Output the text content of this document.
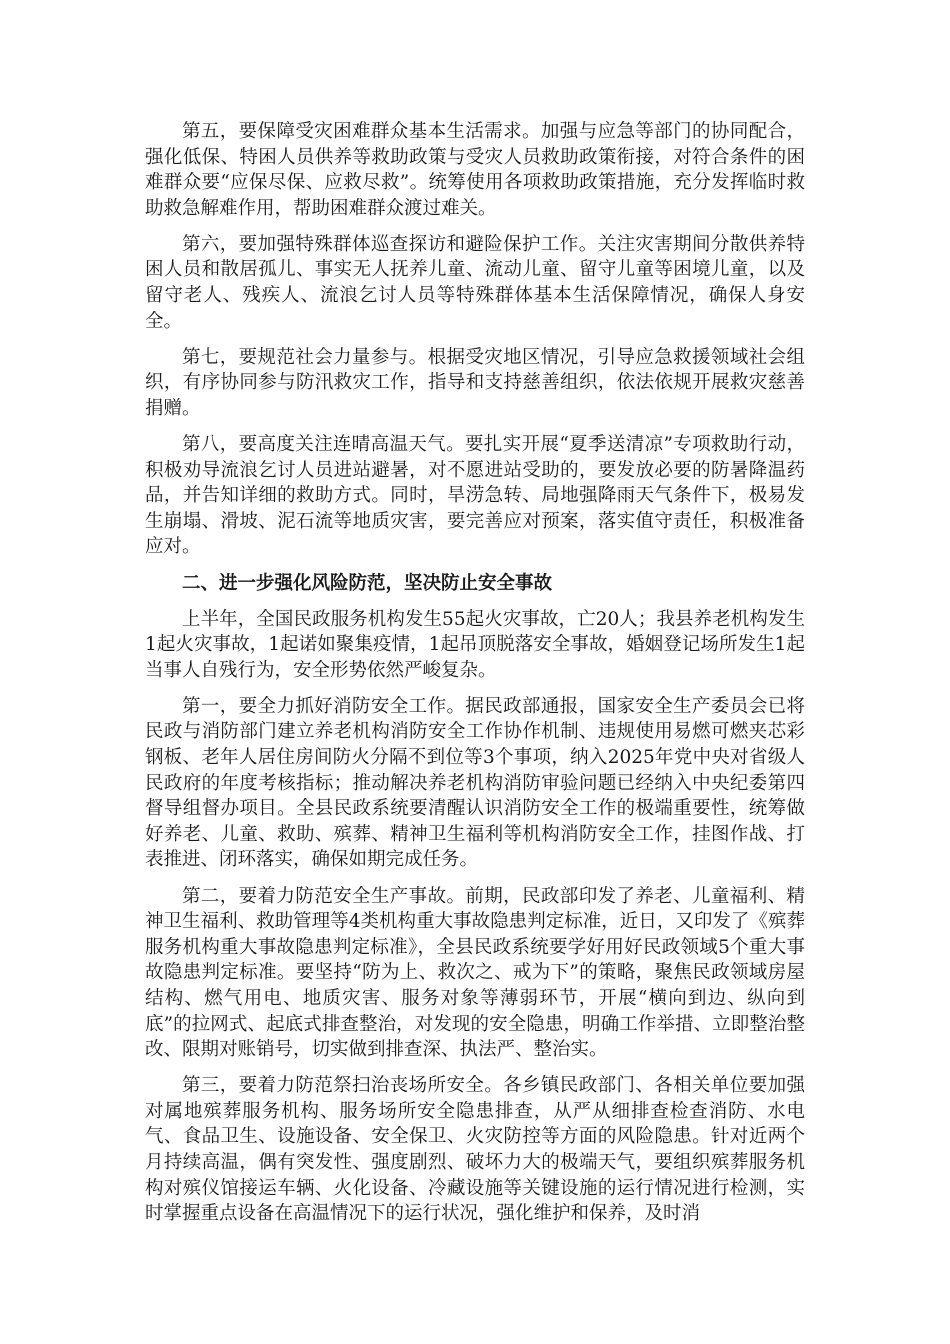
第五，要保障受灾困难群众基本生活需求。加强与应急等部门的协同配合，强化低保、特困人员供养等救助政策与受灾人员救助政策衔接，对符合条件的困难群众要“应保尽保、应救尽救”。统筹使用各项救助政策措施，充分发挥临时救助救急解难作用，帮助困难群众渡过难关。

第六，要加强特殊群体巡查探访和避险保护工作。关注灾害期间分散供养特困人员和散居孤儿、事实无人抚养儿童、流动儿童、留守儿童等困境儿童，以及留守老人、残疾人、流浪乞讨人员等特殊群体基本生活保障情况，确保人身安全。

第七，要规范社会力量参与。根据受灾地区情况，引导应急救援领域社会组织，有序协同参与防汛救灾工作，指导和支持慈善组织，依法依规开展救灾慈善捐赠。

第八，要高度关注连晴高温天气。要扎实开展“夏季送清凉”专项救助行动，积极劝导流浪乞讨人员进站避暑，对不愿进站受助的，要发放必要的防暑降温药品，并告知详细的救助方式。同时，旱涝急转、局地强降雨天气条件下，极易发生崩塌、滑坡、泥石流等地质灾害，要完善应对预案，落实值守责任，积极准备应对。

二、进一步强化风险防范，坚决防止安全事故

上半年，全国民政服务机构发生55起火灾事故，亡20人；我县养老机构发生1起火灾事故，1起诺如聚集疫情，1起吊顶脱落安全事故，婚姻登记场所发生1起当事人自残行为，安全形势依然严峻复杂。

第一，要全力抓好消防安全工作。据民政部通报，国家安全生产委员会已将民政与消防部门建立养老机构消防安全工作协作机制、违规使用易燃可燃夹芯彩钢板、老年人居住房间防火分隔不到位等3个事项，纳入2025年党中央对省级人民政府的年度考核指标；推动解决养老机构消防审验问题已经纳入中央纪委第四督导组督办项目。全县民政系统要清醒认识消防安全工作的极端重要性，统筹做好养老、儿童、救助、殡葬、精神卫生福利等机构消防安全工作，挂图作战、打表推进、闭环落实，确保如期完成任务。

第二，要着力防范安全生产事故。前期，民政部印发了养老、儿童福利、精神卫生福利、救助管理等4类机构重大事故隐患判定标准，近日，又印发了《殡葬服务机构重大事故隐患判定标准》，全县民政系统要学好用好民政领域5个重大事故隐患判定标准。要坚持“防为上、救次之、戒为下”的策略，聚焦民政领域房屋结构、燃气用电、地质灾害、服务对象等薄弱环节，开展“横向到边、纵向到底”的拉网式、起底式排查整治，对发现的安全隐患，明确工作举措、立即整治整改、限期对账销号，切实做到排查深、执法严、整治实。

第三，要着力防范祭扫治丧场所安全。各乡镇民政部门、各相关单位要加强对属地殡葬服务机构、服务场所安全隐患排查，从严从细排查检查消防、水电气、食品卫生、设施设备、安全保卫、火灾防控等方面的风险隐患。针对近两个月持续高温，偶有突发性、强度剧烈、破坏力大的极端天气，要组织殡葬服务机构对殡仪馆接运车辆、火化设备、冷藏设施等关键设施的运行情况进行检测，实时掌握重点设备在高温情况下的运行状况，强化维护和保养，及时消
